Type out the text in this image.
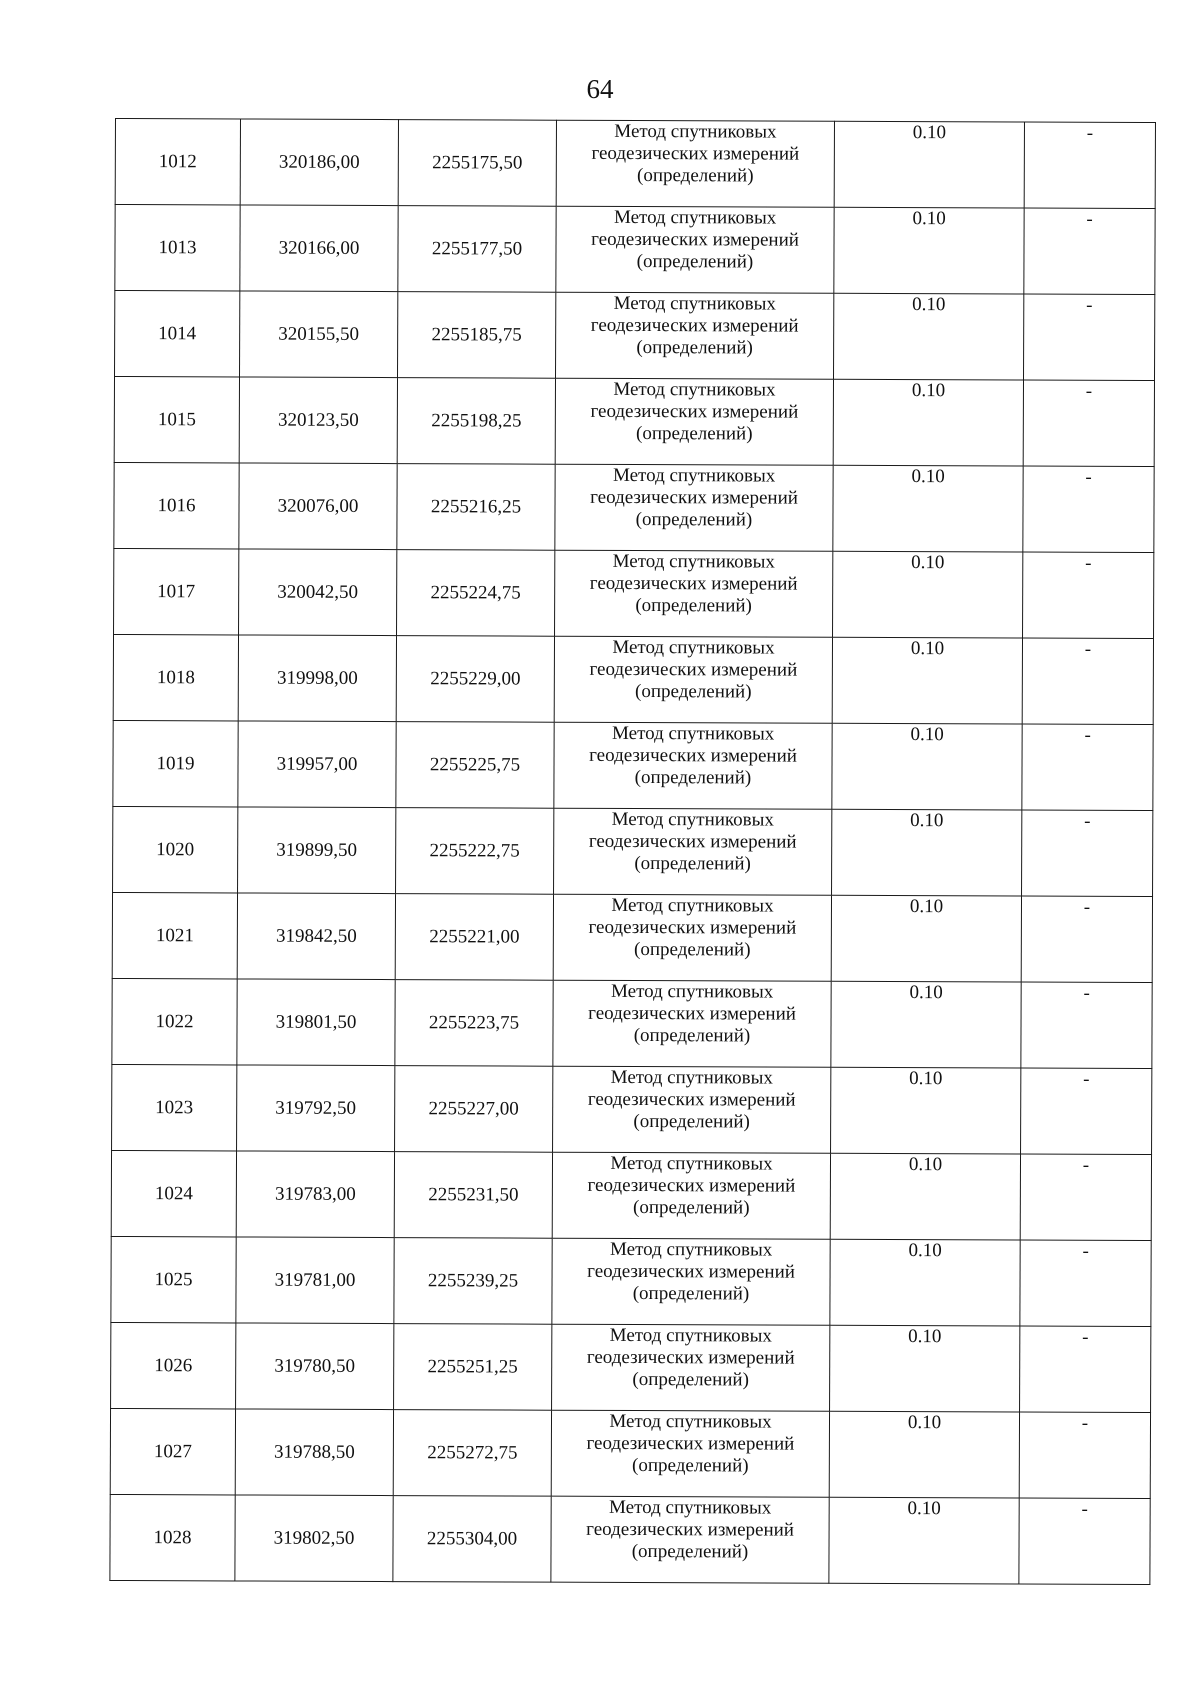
64
1012	320186,00	2255175,50	Метод спутниковых
геодезических измерений
(определений)	0.10	-
1013	320166,00	2255177,50	Метод спутниковых
геодезических измерений
(определений)	0.10	-
1014	320155,50	2255185,75	Метод спутниковых
геодезических измерений
(определений)	0.10	-
1015	320123,50	2255198,25	Метод спутниковых
геодезических измерений
(определений)	0.10	-
1016	320076,00	2255216,25	Метод спутниковых
геодезических измерений
(определений)	0.10	-
1017	320042,50	2255224,75	Метод спутниковых
геодезических измерений
(определений)	0.10	-
1018	319998,00	2255229,00	Метод спутниковых
геодезических измерений
(определений)	0.10	-
1019	319957,00	2255225,75	Метод спутниковых
геодезических измерений
(определений)	0.10	-
1020	319899,50	2255222,75	Метод спутниковых
геодезических измерений
(определений)	0.10	-
1021	319842,50	2255221,00	Метод спутниковых
геодезических измерений
(определений)	0.10	-
1022	319801,50	2255223,75	Метод спутниковых
геодезических измерений
(определений)	0.10	-
1023	319792,50	2255227,00	Метод спутниковых
геодезических измерений
(определений)	0.10	-
1024	319783,00	2255231,50	Метод спутниковых
геодезических измерений
(определений)	0.10	-
1025	319781,00	2255239,25	Метод спутниковых
геодезических измерений
(определений)	0.10	-
1026	319780,50	2255251,25	Метод спутниковых
геодезических измерений
(определений)	0.10	-
1027	319788,50	2255272,75	Метод спутниковых
геодезических измерений
(определений)	0.10	-
1028	319802,50	2255304,00	Метод спутниковых
геодезических измерений
(определений)	0.10	-
